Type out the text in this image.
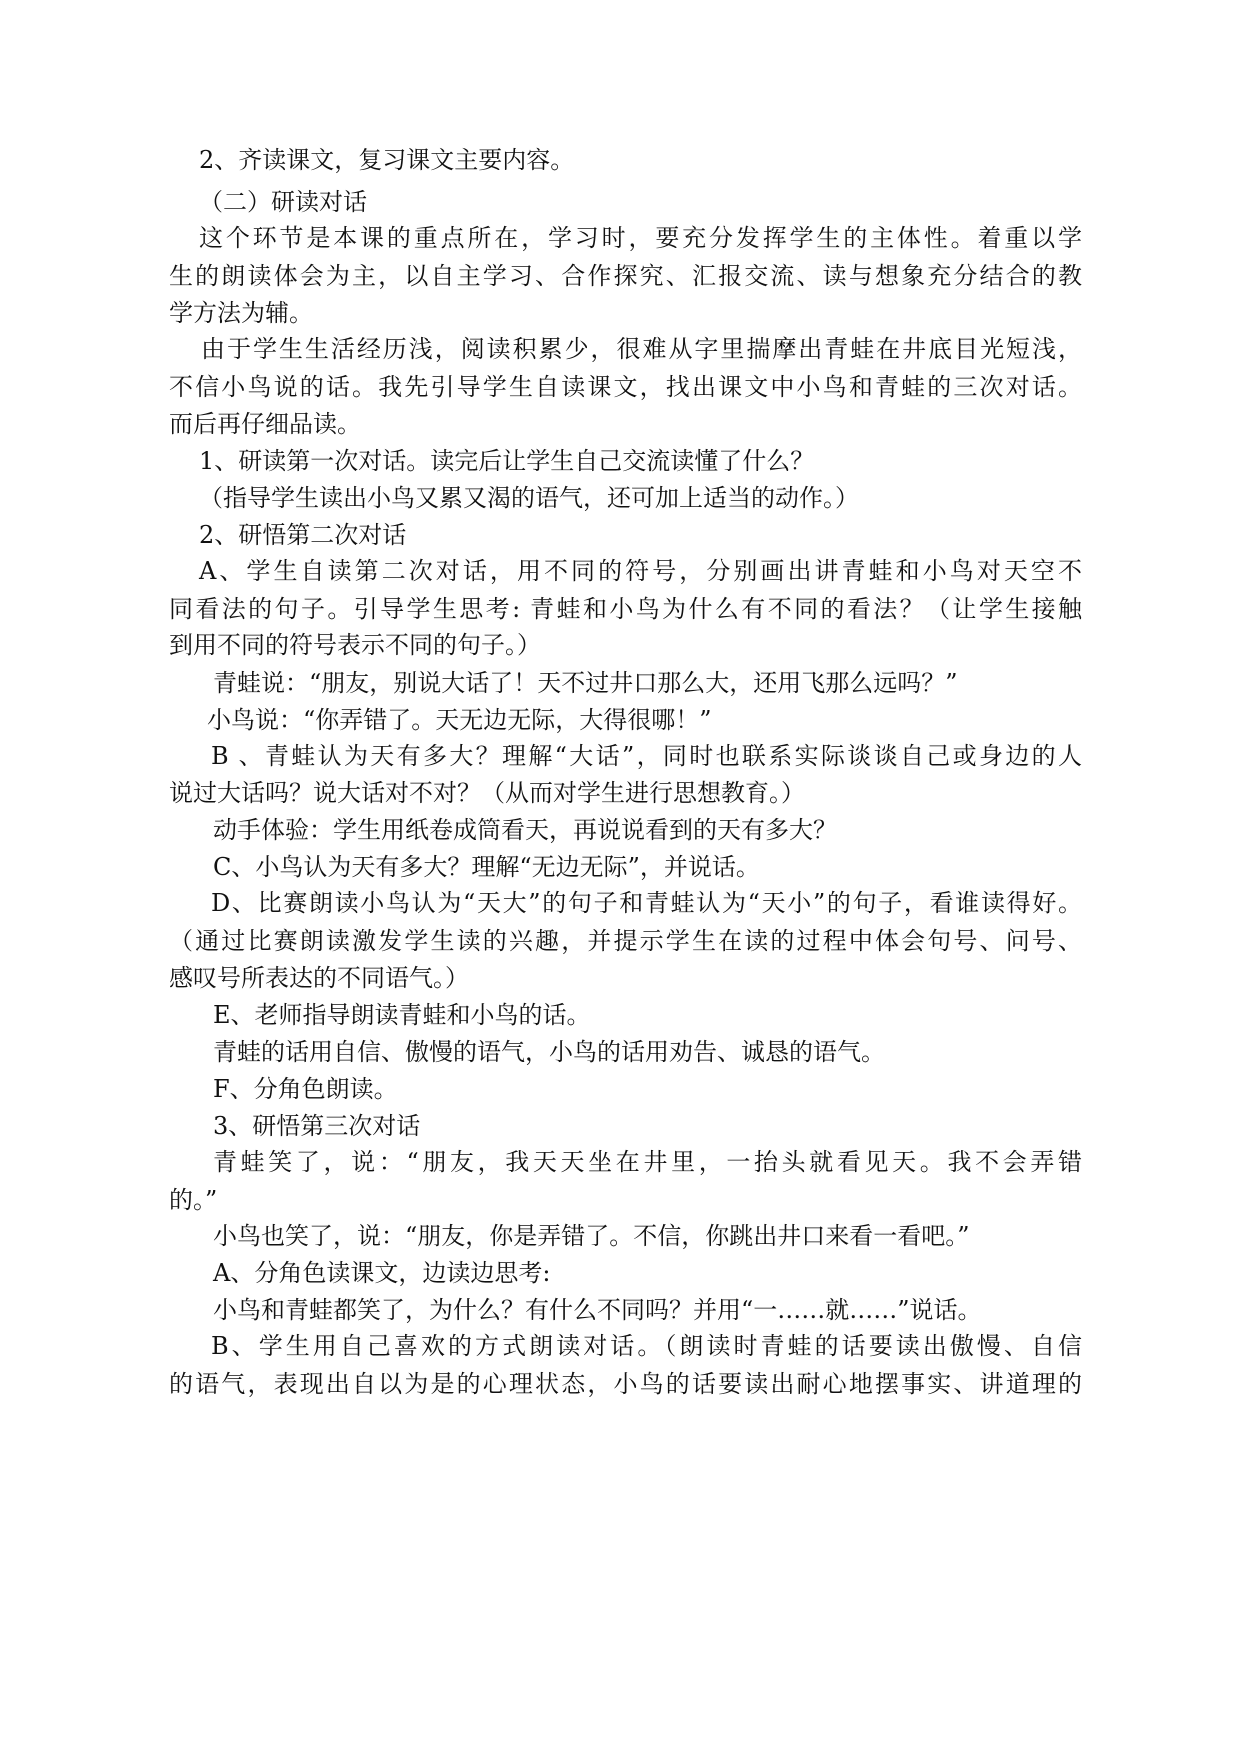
2、齐读课文，复习课文主要内容。
（二）研读对话
这个环节是本课的重点所在，学习时，要充分发挥学生的主体性。着重以学
生的朗读体会为主，以自主学习、合作探究、汇报交流、读与想象充分结合的教
学方法为辅。
由于学生生活经历浅，阅读积累少，很难从字里揣摩出青蛙在井底目光短浅，
不信小鸟说的话。我先引导学生自读课文，找出课文中小鸟和青蛙的三次对话。
而后再仔细品读。
1、研读第一次对话。读完后让学生自己交流读懂了什么？
（指导学生读出小鸟又累又渴的语气，还可加上适当的动作。）
2、研悟第二次对话
A、学生自读第二次对话，用不同的符号，分别画出讲青蛙和小鸟对天空不
同看法的句子。引导学生思考: 青蛙和小鸟为什么有不同的看法？（让学生接触
到用不同的符号表示不同的句子。）
青蛙说：“朋友，别说大话了！天不过井口那么大，还用飞那么远吗？”
小鸟说：“你弄错了。天无边无际，大得很哪！”
B 、青蛙认为天有多大？理解“大话”，同时也联系实际谈谈自己或身边的人
说过大话吗？说大话对不对？（从而对学生进行思想教育。）
动手体验：学生用纸卷成筒看天，再说说看到的天有多大？
C、小鸟认为天有多大？理解“无边无际”，并说话。
D、比赛朗读小鸟认为“天大”的句子和青蛙认为“天小”的句子，看谁读得好。
（通过比赛朗读激发学生读的兴趣，并提示学生在读的过程中体会句号、问号、
感叹号所表达的不同语气。）
E、老师指导朗读青蛙和小鸟的话。
青蛙的话用自信、傲慢的语气，小鸟的话用劝告、诚恳的语气。
F、分角色朗读。
3、研悟第三次对话
青蛙笑了，说：“朋友，我天天坐在井里，一抬头就看见天。我不会弄错
的。”
小鸟也笑了，说：“朋友，你是弄错了。不信，你跳出井口来看一看吧。”
A、分角色读课文，边读边思考:
小鸟和青蛙都笑了，为什么？有什么不同吗？并用“一……就……”说话。
B、学生用自己喜欢的方式朗读对话。（朗读时青蛙的话要读出傲慢、自信
的语气，表现出自以为是的心理状态，小鸟的话要读出耐心地摆事实、讲道理的
